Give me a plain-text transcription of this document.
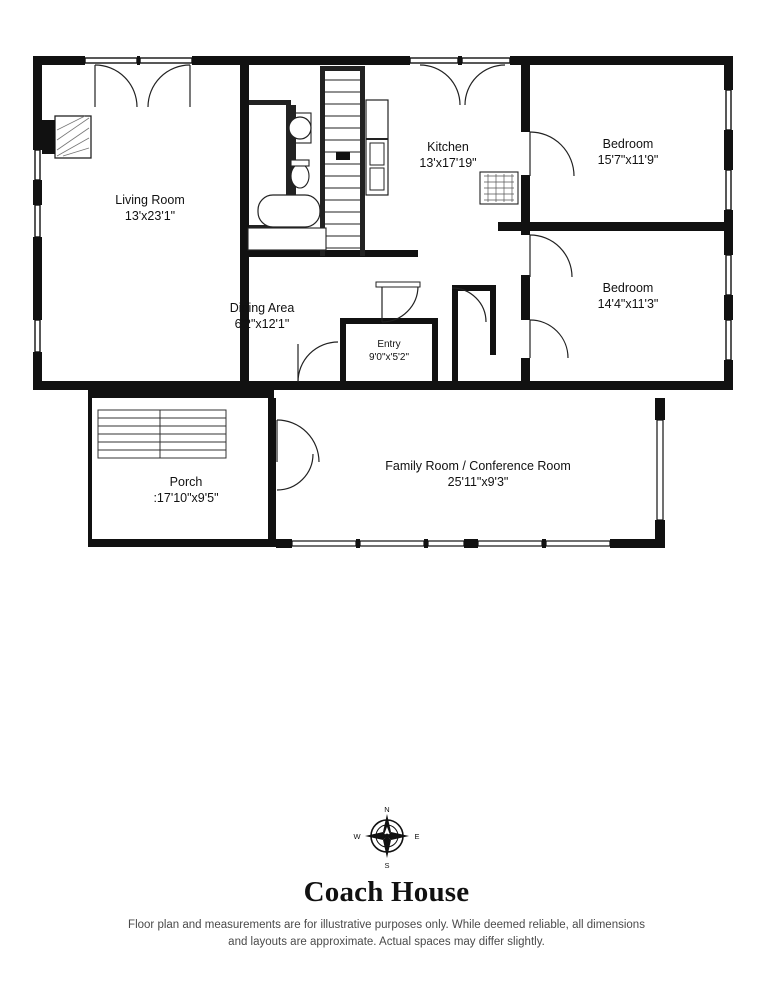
Living Room
13'x23'1"
Kitchen
13'x17'19"
Bedroom
15'7"x11'9"
Bedroom
14'4"x11'3"
Dining Area
6'2"x12'1"
Entry
9'0"x'5'2"
Porch
:17'10"x9'5"
Family Room / Conference Room
25'11"x9'3"
N
S
E
W
Coach House
Floor plan and measurements are for illustrative purposes only. While deemed reliable, all dimensions
and layouts are approximate. Actual spaces may differ slightly.
